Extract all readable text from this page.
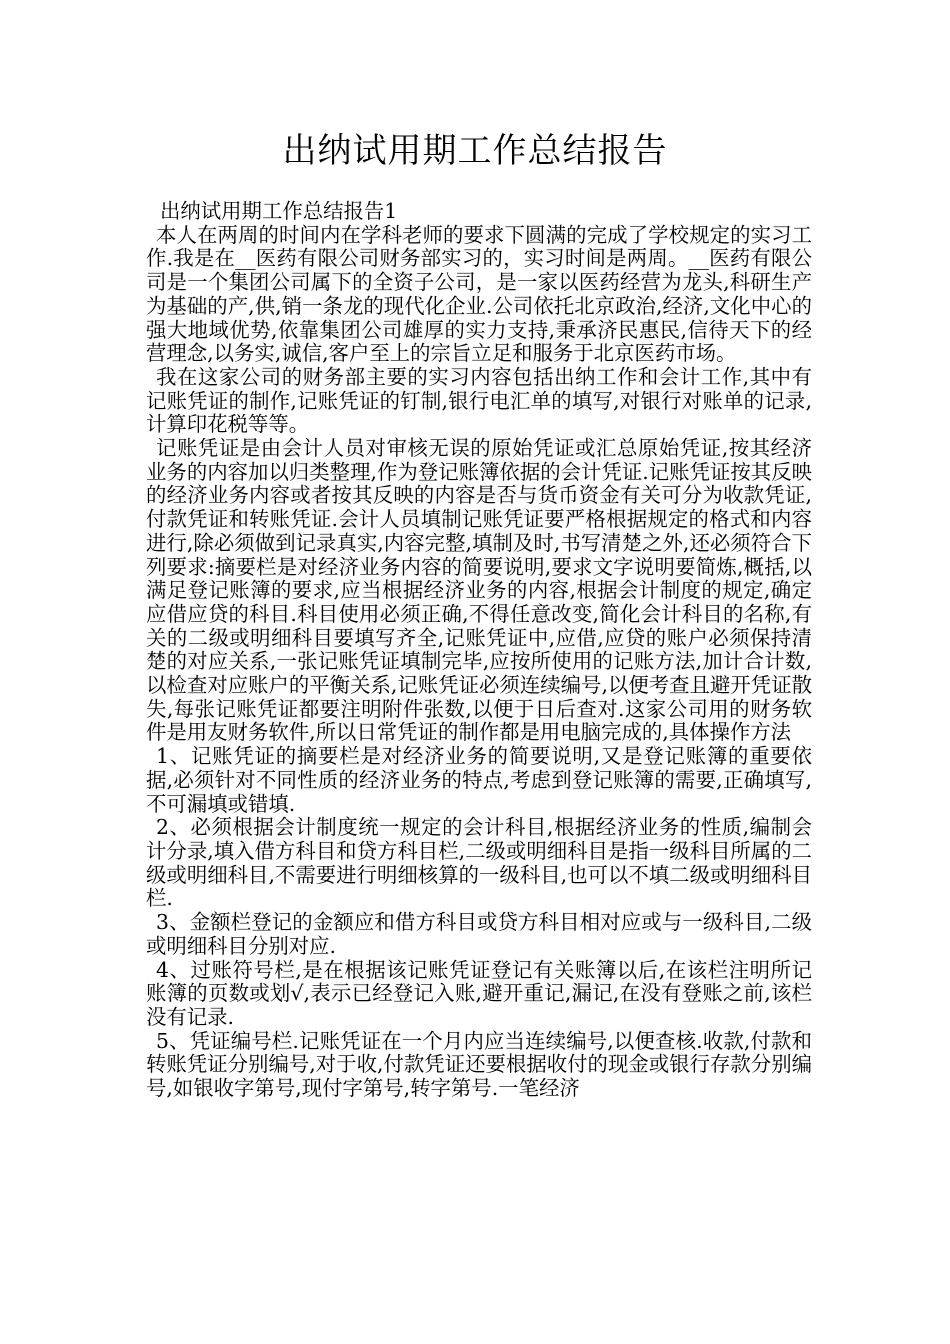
出纳试用期工作总结报告

出纳试用期工作总结报告1

本人在两周的时间内在学科老师的要求下圆满的完成了学校规定的实习工作.我是在__医药有限公司财务部实习的，实习时间是两周。__医药有限公司是一个集团公司属下的全资子公司，是一家以医药经营为龙头,科研生产为基础的产,供,销一条龙的现代化企业.公司依托北京政治,经济,文化中心的强大地域优势,依靠集团公司雄厚的实力支持,秉承济民惠民,信待天下的经营理念,以务实,诚信,客户至上的宗旨立足和服务于北京医药市场。

我在这家公司的财务部主要的实习内容包括出纳工作和会计工作,其中有记账凭证的制作,记账凭证的钉制,银行电汇单的填写,对银行对账单的记录,计算印花税等等。

记账凭证是由会计人员对审核无误的原始凭证或汇总原始凭证,按其经济业务的内容加以归类整理,作为登记账簿依据的会计凭证.记账凭证按其反映的经济业务内容或者按其反映的内容是否与货币资金有关可分为收款凭证,付款凭证和转账凭证.会计人员填制记账凭证要严格根据规定的格式和内容进行,除必须做到记录真实,内容完整,填制及时,书写清楚之外,还必须符合下列要求:摘要栏是对经济业务内容的简要说明,要求文字说明要简炼,概括,以满足登记账簿的要求,应当根据经济业务的内容,根据会计制度的规定,确定应借应贷的科目.科目使用必须正确,不得任意改变,简化会计科目的名称,有关的二级或明细科目要填写齐全,记账凭证中,应借,应贷的账户必须保持清楚的对应关系,一张记账凭证填制完毕,应按所使用的记账方法,加计合计数,以检查对应账户的平衡关系,记账凭证必须连续编号,以便考查且避开凭证散失,每张记账凭证都要注明附件张数,以便于日后查对.这家公司用的财务软件是用友财务软件,所以日常凭证的制作都是用电脑完成的,具体操作方法

1、记账凭证的摘要栏是对经济业务的简要说明,又是登记账簿的重要依据,必须针对不同性质的经济业务的特点,考虑到登记账簿的需要,正确填写,不可漏填或错填.

2、必须根据会计制度统一规定的会计科目,根据经济业务的性质,编制会计分录,填入借方科目和贷方科目栏,二级或明细科目是指一级科目所属的二级或明细科目,不需要进行明细核算的一级科目,也可以不填二级或明细科目栏.

3、金额栏登记的金额应和借方科目或贷方科目相对应或与一级科目,二级或明细科目分别对应.

4、过账符号栏,是在根据该记账凭证登记有关账簿以后,在该栏注明所记账簿的页数或划√,表示已经登记入账,避开重记,漏记,在没有登账之前,该栏没有记录.

5、凭证编号栏.记账凭证在一个月内应当连续编号,以便查核.收款,付款和转账凭证分别编号,对于收,付款凭证还要根据收付的现金或银行存款分别编号,如银收字第号,现付字第号,转字第号.一笔经济
